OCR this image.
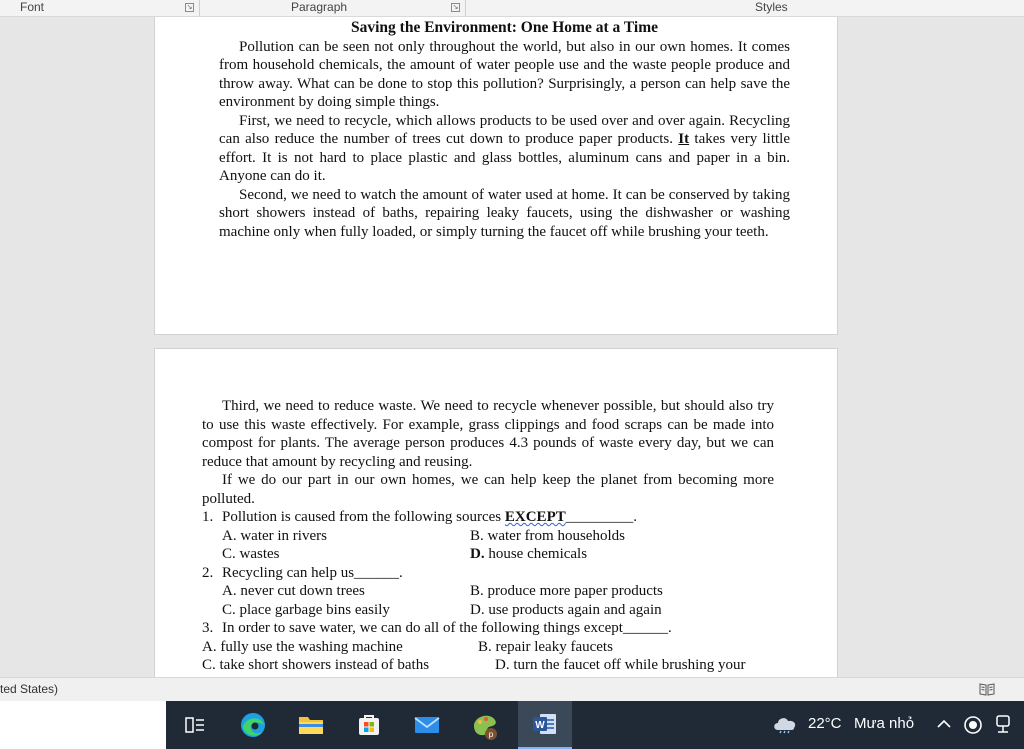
Font	↘	Paragraph	↘	Styles
Saving the Environment: One Home at a Time

Pollution can be seen not only throughout the world, but also in our own homes. It comes from household chemicals, the amount of water people use and the waste people produce and throw away. What can be done to stop this pollution? Surprisingly, a person can help save the environment by doing simple things.

First, we need to recycle, which allows products to be used over and over again. Recycling can also reduce the number of trees cut down to produce paper products. It takes very little effort. It is not hard to place plastic and glass bottles, aluminum cans and paper in a bin. Anyone can do it.

Second, we need to watch the amount of water used at home. It can be conserved by taking short showers instead of baths, repairing leaky faucets, using the dishwasher or washing machine only when fully loaded, or simply turning the faucet off while brushing your teeth.

Third, we need to reduce waste. We need to recycle whenever possible, but should also try to use this waste effectively. For example, grass clippings and food scraps can be made into compost for plants. The average person produces 4.3 pounds of waste every day, but we can reduce that amount by recycling and reusing.

If we do our part in our own homes, we can help keep the planet from becoming more polluted.

1. Pollution is caused from the following sources EXCEPT_________.
A. water in rivers	B. water from households
C. wastes	D. house chemicals
2. Recycling can help us______.
A. never cut down trees	B. produce more paper products
C. place garbage bins easily	D. use products again and again
3. In order to save water, we can do all of the following things except______.
A. fully use the washing machine	B. repair leaky faucets
C. take short showers instead of baths	D. turn the faucet off while brushing your
ted States)
p
W	22°C Mưa nhỏ
